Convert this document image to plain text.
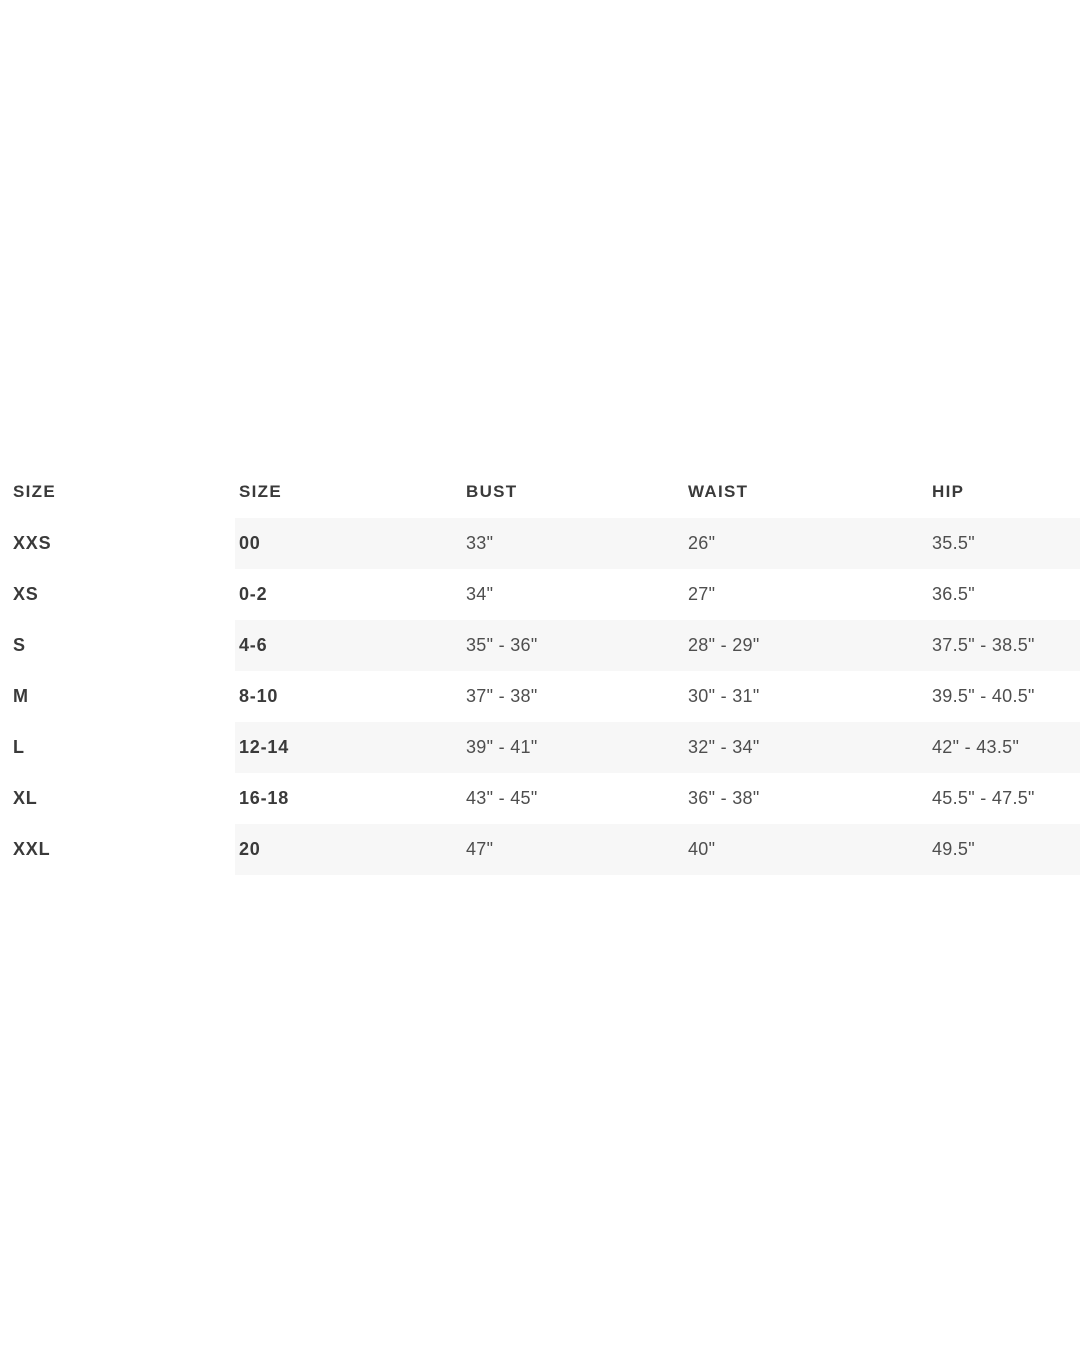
SIZE	SIZE	BUST	WAIST	HIP
XXS	00	33"	26"	35.5"
XS	0-2	34"	27"	36.5"
S	4-6	35" - 36"	28" - 29"	37.5" - 38.5"
M	8-10	37" - 38"	30" - 31"	39.5" - 40.5"
L	12-14	39" - 41"	32" - 34"	42" - 43.5"
XL	16-18	43" - 45"	36" - 38"	45.5" - 47.5"
XXL	20	47"	40"	49.5"
